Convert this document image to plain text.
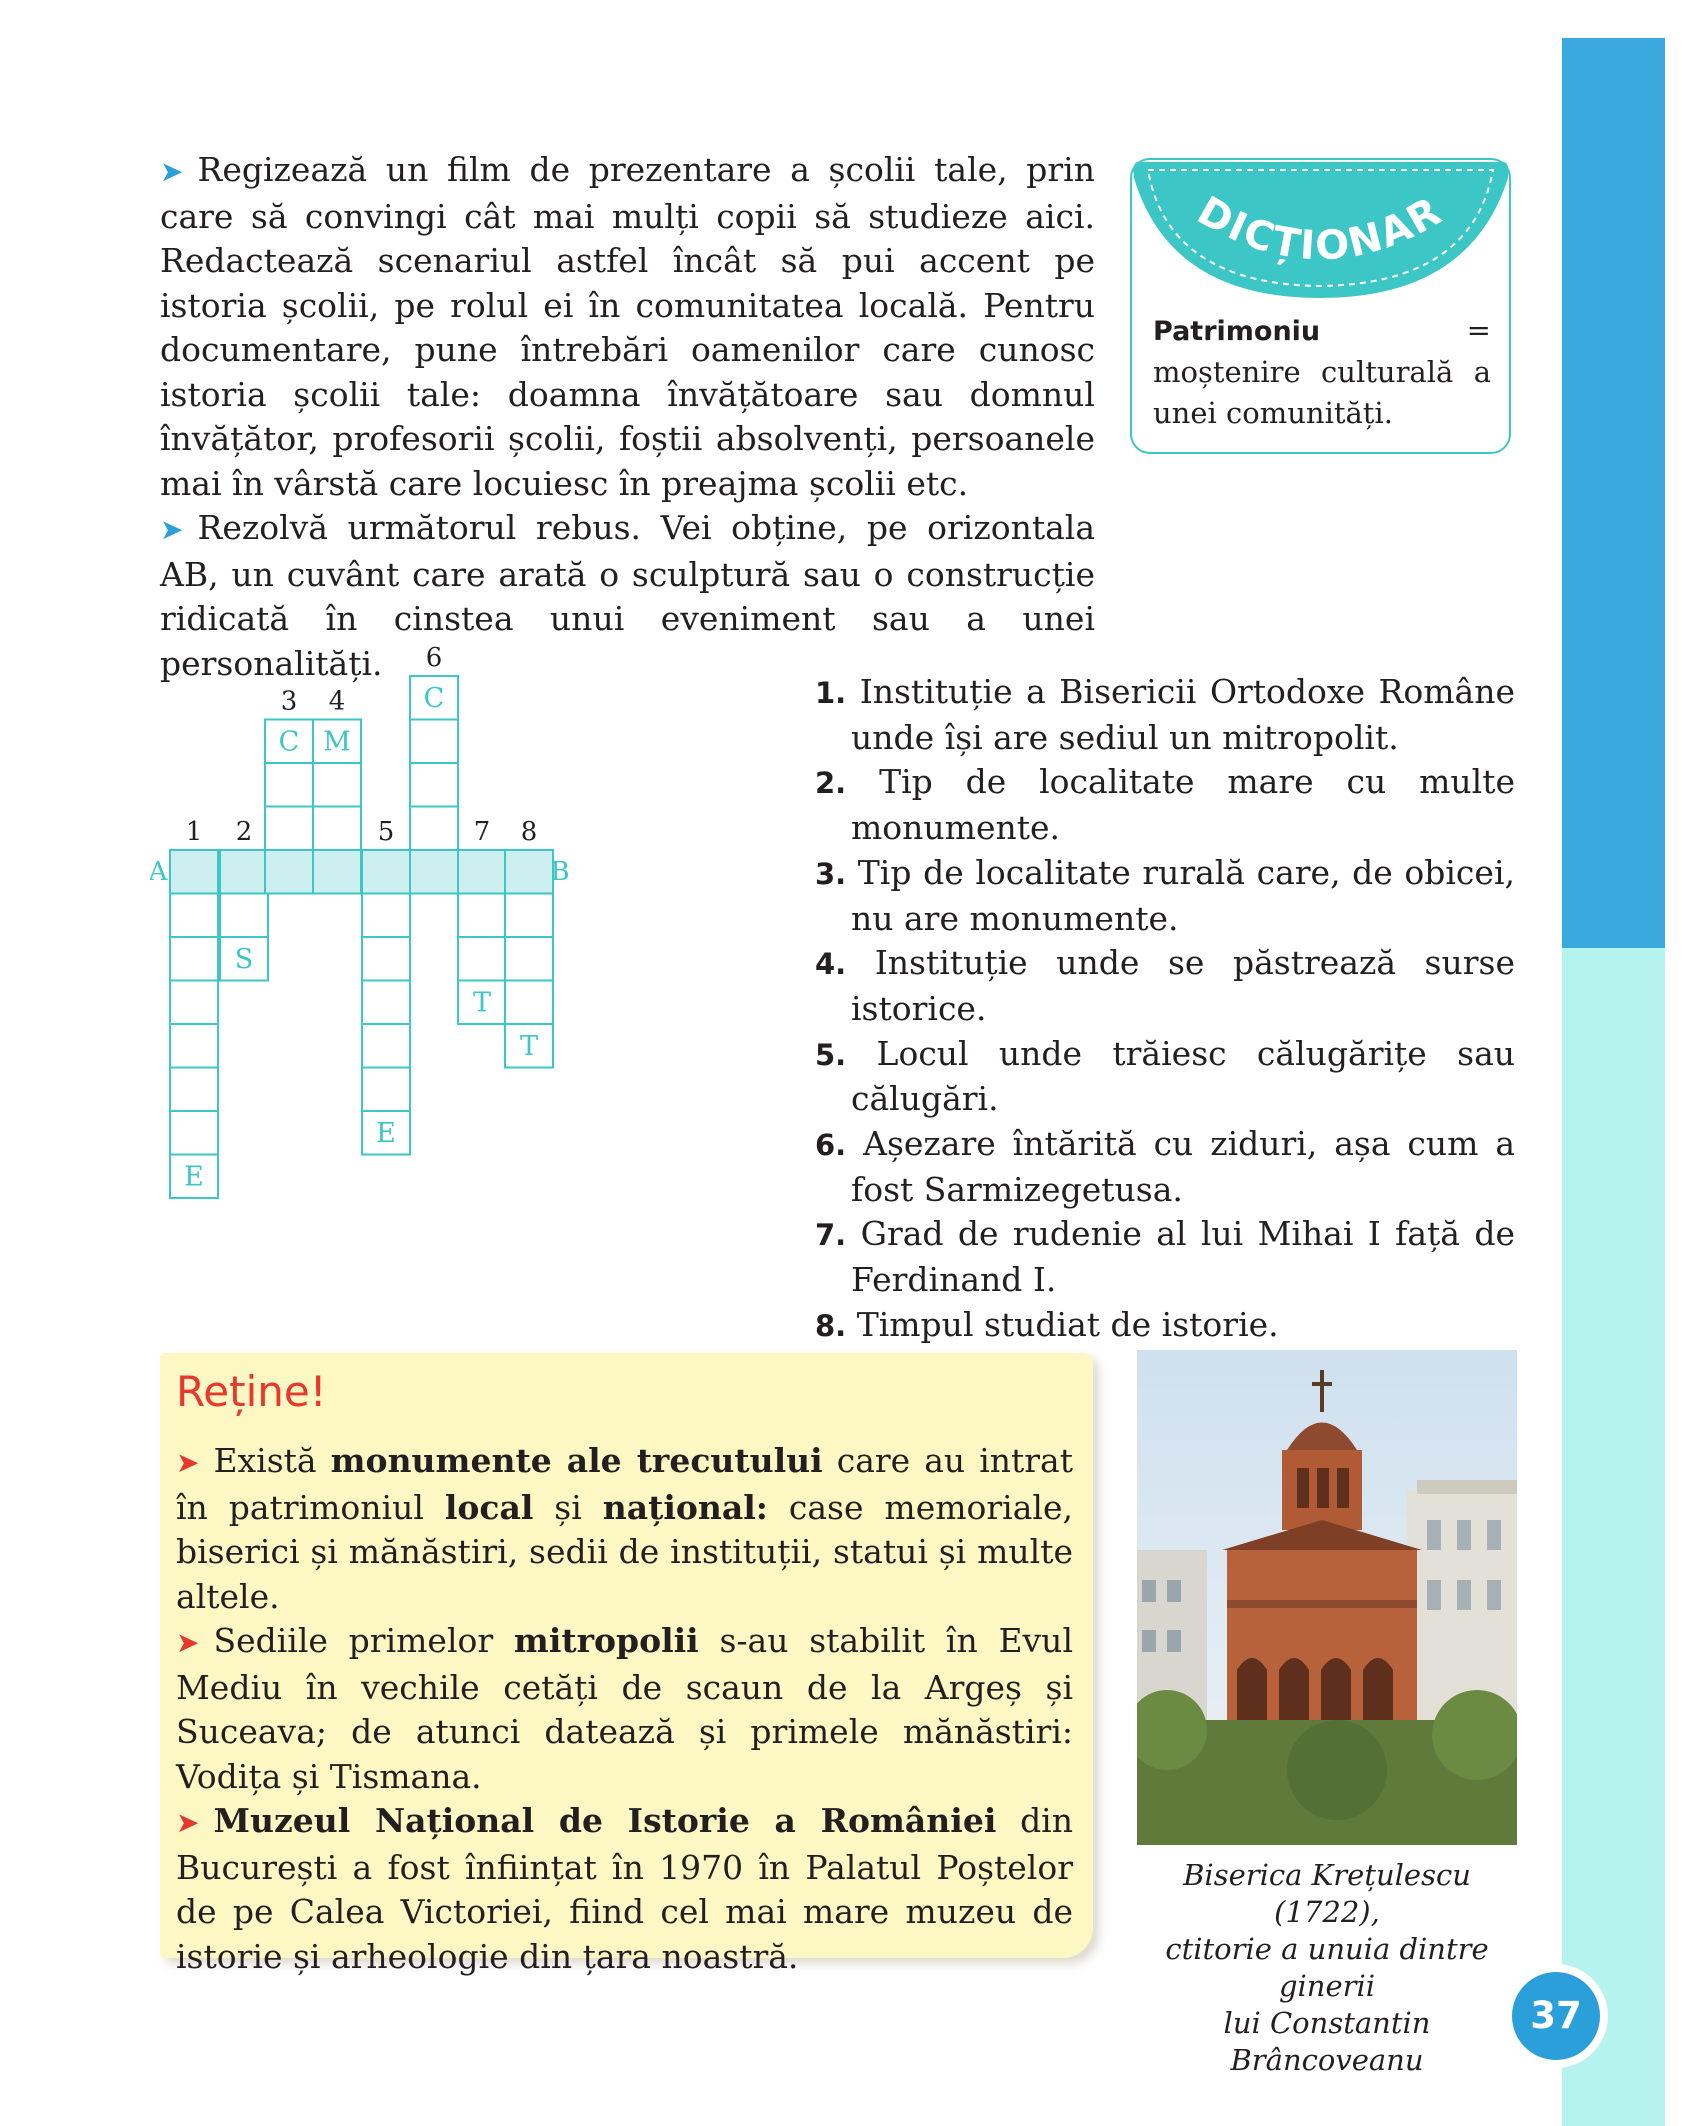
➤ Regizează un film de prezentare a școlii tale, prin care să convingi cât mai mulți copii să studieze aici. Redactează scenariul astfel încât să pui accent pe istoria școlii, pe rolul ei în comunitatea locală. Pentru documentare, pune întrebări oamenilor care cunosc istoria școlii tale: doamna învățătoare sau domnul învățător, profesorii școlii, foștii absolvenți, persoanele mai în vârstă care locuiesc în preajma școlii etc.

➤ Rezolvă următorul rebus. Vei obține, pe orizontala AB, un cuvânt care arată o sculptură sau o construcție ridicată în cinstea unui eveniment sau a unei personalități.

DICȚIONAR
Patrimoniu = moștenire culturală a unei comunități.
1 2
3 4
5
6
7 8
A	B
C M
C
S
T
T
E
E
1. Instituție a Bisericii Ortodoxe Române unde își are sediul un mitropolit.
2. Tip de localitate mare cu multe monumente.
3. Tip de localitate rurală care, de obicei, nu are monumente.
4. Instituție unde se păstrează surse istorice.
5. Locul unde trăiesc călugărițe sau călugări.
6. Așezare întărită cu ziduri, așa cum a fost Sarmizegetusa.
7. Grad de rudenie al lui Mihai I față de Ferdinand I.
8. Timpul studiat de istorie.
Reține!

➤ Există monumente ale trecutului care au intrat în patrimoniul local și național: case memoriale, biserici și mănăstiri, sedii de instituții, statui și multe altele.

➤ Sediile primelor mitropolii s-au stabilit în Evul Mediu în vechile cetăți de scaun de la Argeș și Suceava; de atunci datează și primele mănăstiri: Vodița și Tismana.

➤ Muzeul Național de Istorie a României din București a fost înființat în 1970 în Palatul Poștelor de pe Calea Victoriei, fiind cel mai mare muzeu de istorie și arheologie din țara noastră.

Biserica Krețulescu (1722),
ctitorie a unuia dintre ginerii
lui Constantin Brâncoveanu
37
